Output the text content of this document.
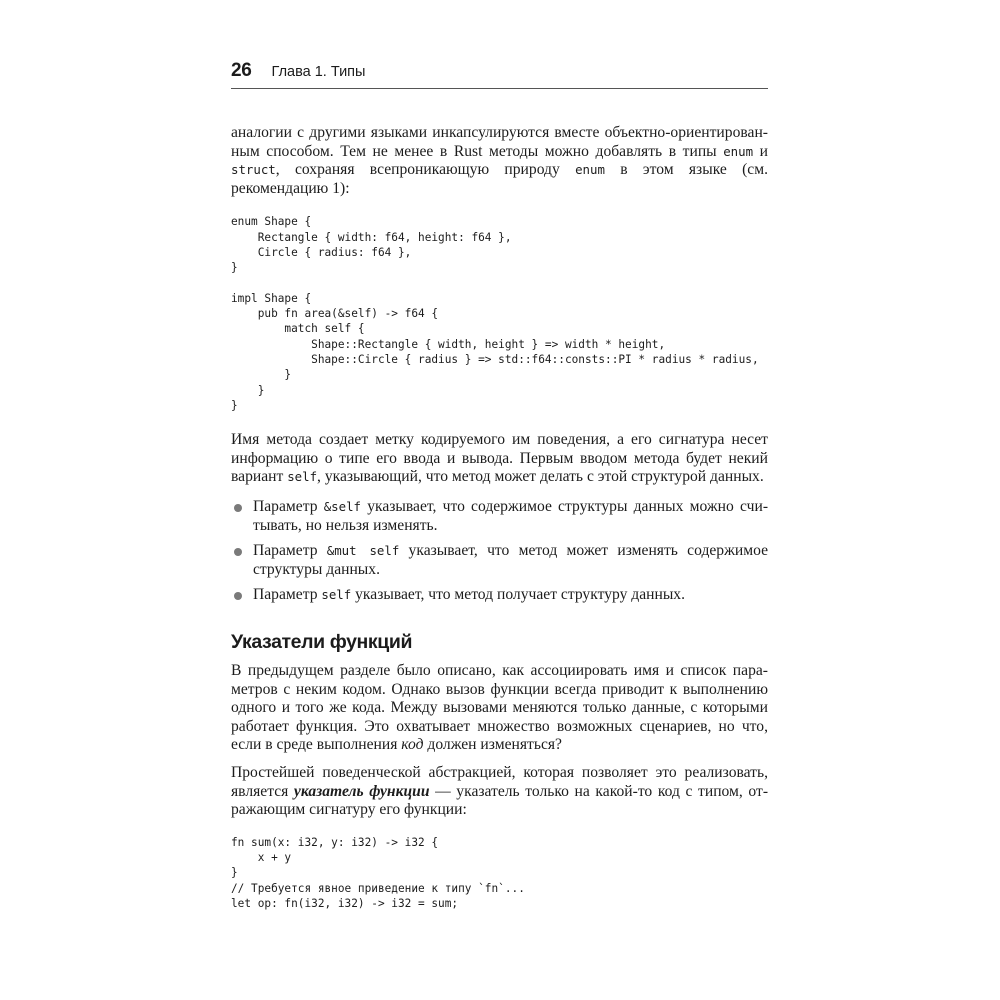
26 Глава 1. Типы

аналогии с другими языками инкапсулируются вместе объектно-ориентированным способом. Тем не менее в Rust методы можно добавлять в типы enum и struct, сохраняя всепроникающую природу enum в этом языке (см. рекомендацию 1):

enum Shape {
Rectangle { width: f64, height: f64 },
Circle { radius: f64 },
}

impl Shape {
pub fn area(&self) -> f64 {
match self {
Shape::Rectangle { width, height } => width * height,
Shape::Circle { radius } => std::f64::consts::PI * radius * radius,
}
}
}

Имя метода создает метку кодируемого им поведения, а его сигнатура несет информацию о типе его ввода и вывода. Первым вводом метода будет некий вариант self, указывающий, что метод может делать с этой структурой данных.

Параметр &self указывает, что содержимое структуры данных можно считывать, но нельзя изменять.
Параметр &mut self указывает, что метод может изменять содержимое структуры данных.
Параметр self указывает, что метод получает структуру данных.
Указатели функций

В предыдущем разделе было описано, как ассоциировать имя и список параметров с неким кодом. Однако вызов функции всегда приводит к выполнению одного и того же кода. Между вызовами меняются только данные, с которыми работает функция. Это охватывает множество возможных сценариев, но что, если в среде выполнения код должен изменяться?

Простейшей поведенческой абстракцией, которая позволяет это реализовать, является указатель функции — указатель только на какой-то код с типом, отражающим сигнатуру его функции:

fn sum(x: i32, y: i32) -> i32 {
x + y
}
// Требуется явное приведение к типу `fn`...
let op: fn(i32, i32) -> i32 = sum;
